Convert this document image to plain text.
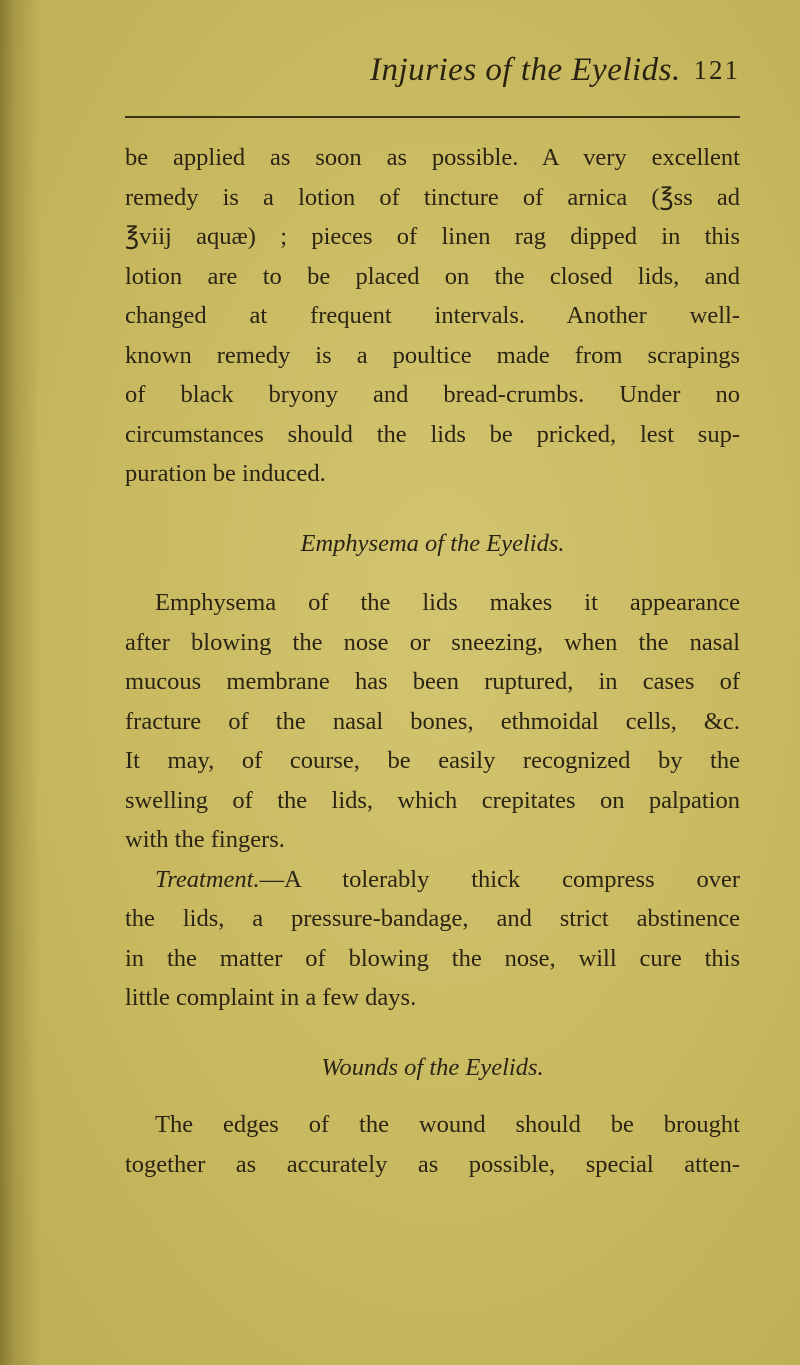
Injuries of the Eyelids. 121
be applied as soon as possible. A very excellent
remedy is a lotion of tincture of arnica (℥ss ad
℥viij aquæ) ; pieces of linen rag dipped in this
lotion are to be placed on the closed lids, and
changed at frequent intervals. Another well-
known remedy is a poultice made from scrapings
of black bryony and bread-crumbs. Under no
circumstances should the lids be pricked, lest sup-
puration be induced.
Emphysema of the Eyelids.
Emphysema of the lids makes it appearance
after blowing the nose or sneezing, when the nasal
mucous membrane has been ruptured, in cases of
fracture of the nasal bones, ethmoidal cells, &c.
It may, of course, be easily recognized by the
swelling of the lids, which crepitates on palpation
with the fingers.
Treatment.—A tolerably thick compress over
the lids, a pressure-bandage, and strict abstinence
in the matter of blowing the nose, will cure this
little complaint in a few days.
Wounds of the Eyelids.
The edges of the wound should be brought
together as accurately as possible, special atten-
